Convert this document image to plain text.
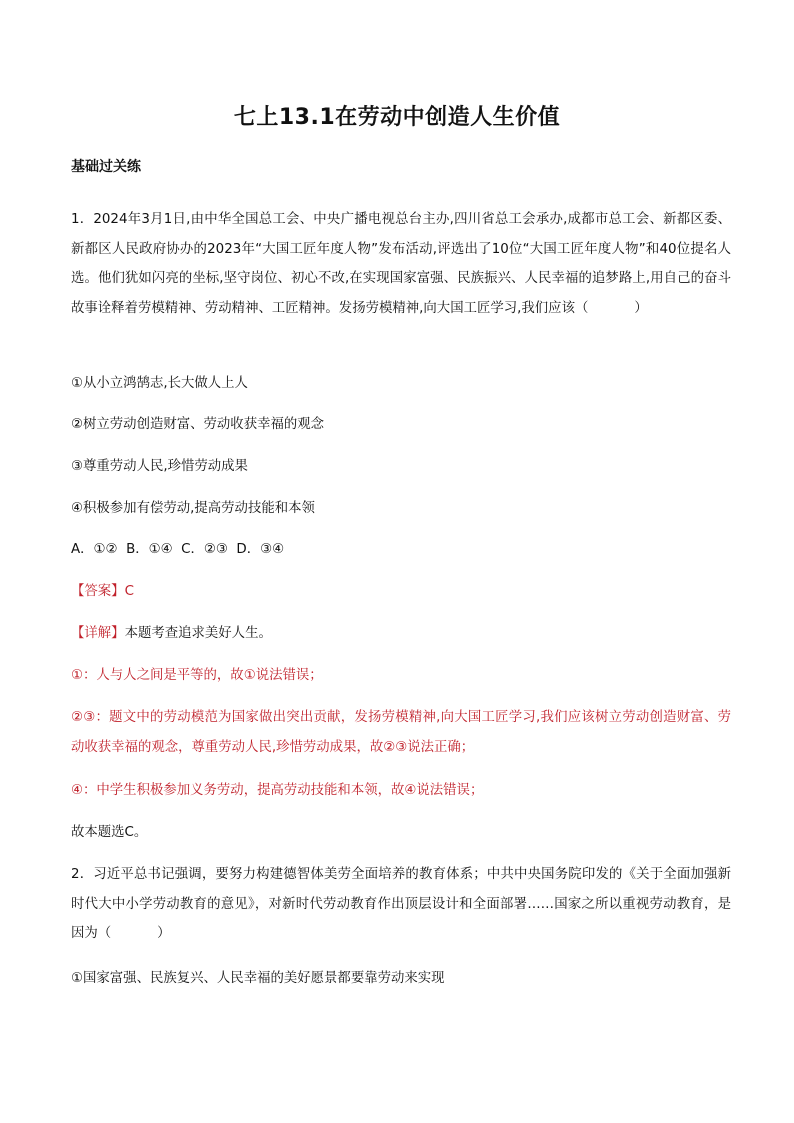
七上13.1在劳动中创造人生价值
基础过关练
1．2024年3月1日,由中华全国总工会、中央广播电视总台主办,四川省总工会承办,成都市总工会、新都区委、新都区人民政府协办的2023年“大国工匠年度人物”发布活动,评选出了10位“大国工匠年度人物”和40位提名人选。他们犹如闪亮的坐标,坚守岗位、初心不改,在实现国家富强、民族振兴、人民幸福的追梦路上,用自己的奋斗故事诠释着劳模精神、劳动精神、工匠精神。发扬劳模精神,向大国工匠学习,我们应该（	）
①从小立鸿鹄志,长大做人上人
②树立劳动创造财富、劳动收获幸福的观念
③尊重劳动人民,珍惜劳动成果
④积极参加有偿劳动,提高劳动技能和本领
A．①②  B．①④  C．②③  D．③④
【答案】C
【详解】本题考查追求美好人生。
①：人与人之间是平等的，故①说法错误；
②③：题文中的劳动模范为国家做出突出贡献，发扬劳模精神,向大国工匠学习,我们应该树立劳动创造财富、劳动收获幸福的观念，尊重劳动人民,珍惜劳动成果，故②③说法正确；
④：中学生积极参加义务劳动，提高劳动技能和本领，故④说法错误；
故本题选C。
2．习近平总书记强调，要努力构建德智体美劳全面培养的教育体系；中共中央国务院印发的《关于全面加强新时代大中小学劳动教育的意见》，对新时代劳动教育作出顶层设计和全面部署……国家之所以重视劳动教育，是因为（	）
①国家富强、民族复兴、人民幸福的美好愿景都要靠劳动来实现
